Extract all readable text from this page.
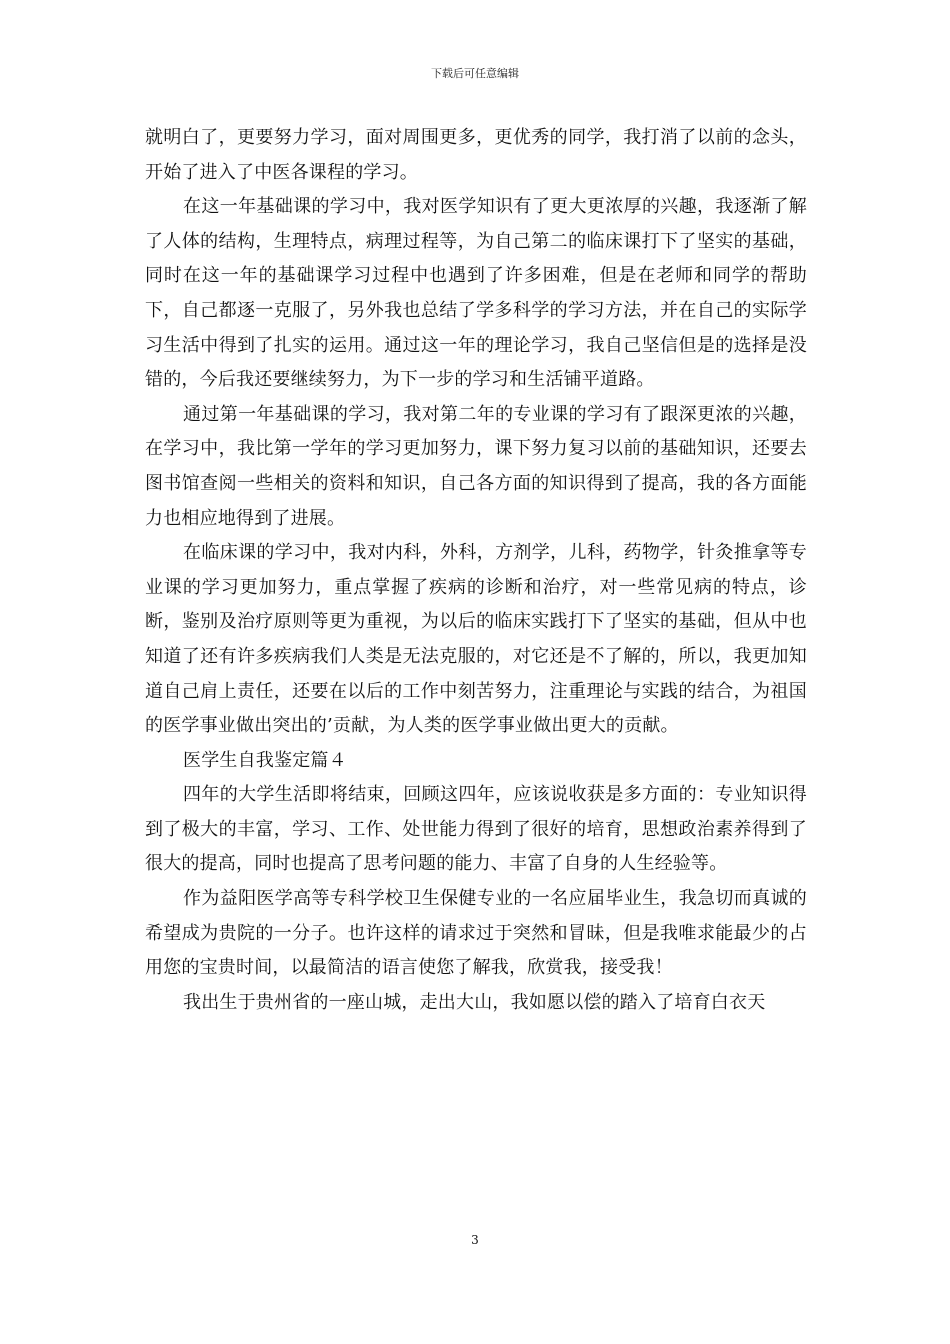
下载后可任意编辑

就明白了，更要努力学习，面对周围更多，更优秀的同学，我打消了以前的念头，开始了进入了中医各课程的学习。

在这一年基础课的学习中，我对医学知识有了更大更浓厚的兴趣，我逐渐了解了人体的结构，生理特点，病理过程等，为自己第二的临床课打下了坚实的基础，同时在这一年的基础课学习过程中也遇到了许多困难，但是在老师和同学的帮助下，自己都逐一克服了，另外我也总结了学多科学的学习方法，并在自己的实际学习生活中得到了扎实的运用。通过这一年的理论学习，我自己坚信但是的选择是没错的，今后我还要继续努力，为下一步的学习和生活铺平道路。

通过第一年基础课的学习，我对第二年的专业课的学习有了跟深更浓的兴趣，在学习中，我比第一学年的学习更加努力，课下努力复习以前的基础知识，还要去图书馆查阅一些相关的资料和知识，自己各方面的知识得到了提高，我的各方面能力也相应地得到了进展。

在临床课的学习中，我对内科，外科，方剂学，儿科，药物学，针灸推拿等专业课的学习更加努力，重点掌握了疾病的诊断和治疗，对一些常见病的特点，诊断，鉴别及治疗原则等更为重视，为以后的临床实践打下了坚实的基础，但从中也知道了还有许多疾病我们人类是无法克服的，对它还是不了解的，所以，我更加知道自己肩上责任，还要在以后的工作中刻苦努力，注重理论与实践的结合，为祖国的医学事业做出突出的’贡献，为人类的医学事业做出更大的贡献。

医学生自我鉴定篇４

四年的大学生活即将结束，回顾这四年，应该说收获是多方面的：专业知识得到了极大的丰富，学习、工作、处世能力得到了很好的培育，思想政治素养得到了很大的提高，同时也提高了思考问题的能力、丰富了自身的人生经验等。

作为益阳医学高等专科学校卫生保健专业的一名应届毕业生，我急切而真诚的希望成为贵院的一分子。也许这样的请求过于突然和冒昧，但是我唯求能最少的占用您的宝贵时间，以最简洁的语言使您了解我，欣赏我，接受我！

我出生于贵州省的一座山城，走出大山，我如愿以偿的踏入了培育白衣天

3
